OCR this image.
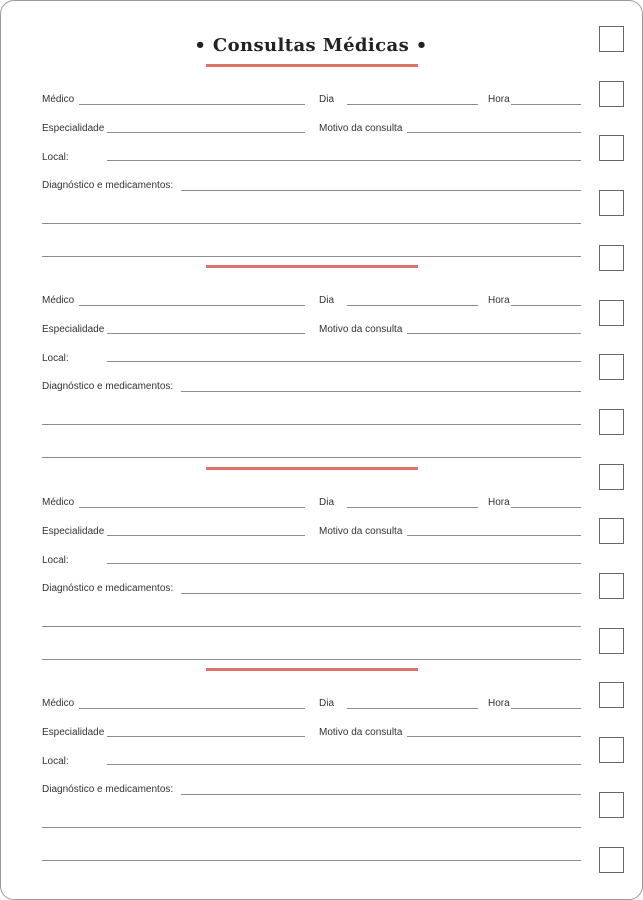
• Consultas Médicas •
Médico	Dia	Hora
Especialidade	Motivo da consulta
Local:
Diagnóstico e medicamentos:
Médico	Dia	Hora
Especialidade	Motivo da consulta
Local:
Diagnóstico e medicamentos:
Médico	Dia	Hora
Especialidade	Motivo da consulta
Local:
Diagnóstico e medicamentos:
Médico	Dia	Hora
Especialidade	Motivo da consulta
Local:
Diagnóstico e medicamentos:
